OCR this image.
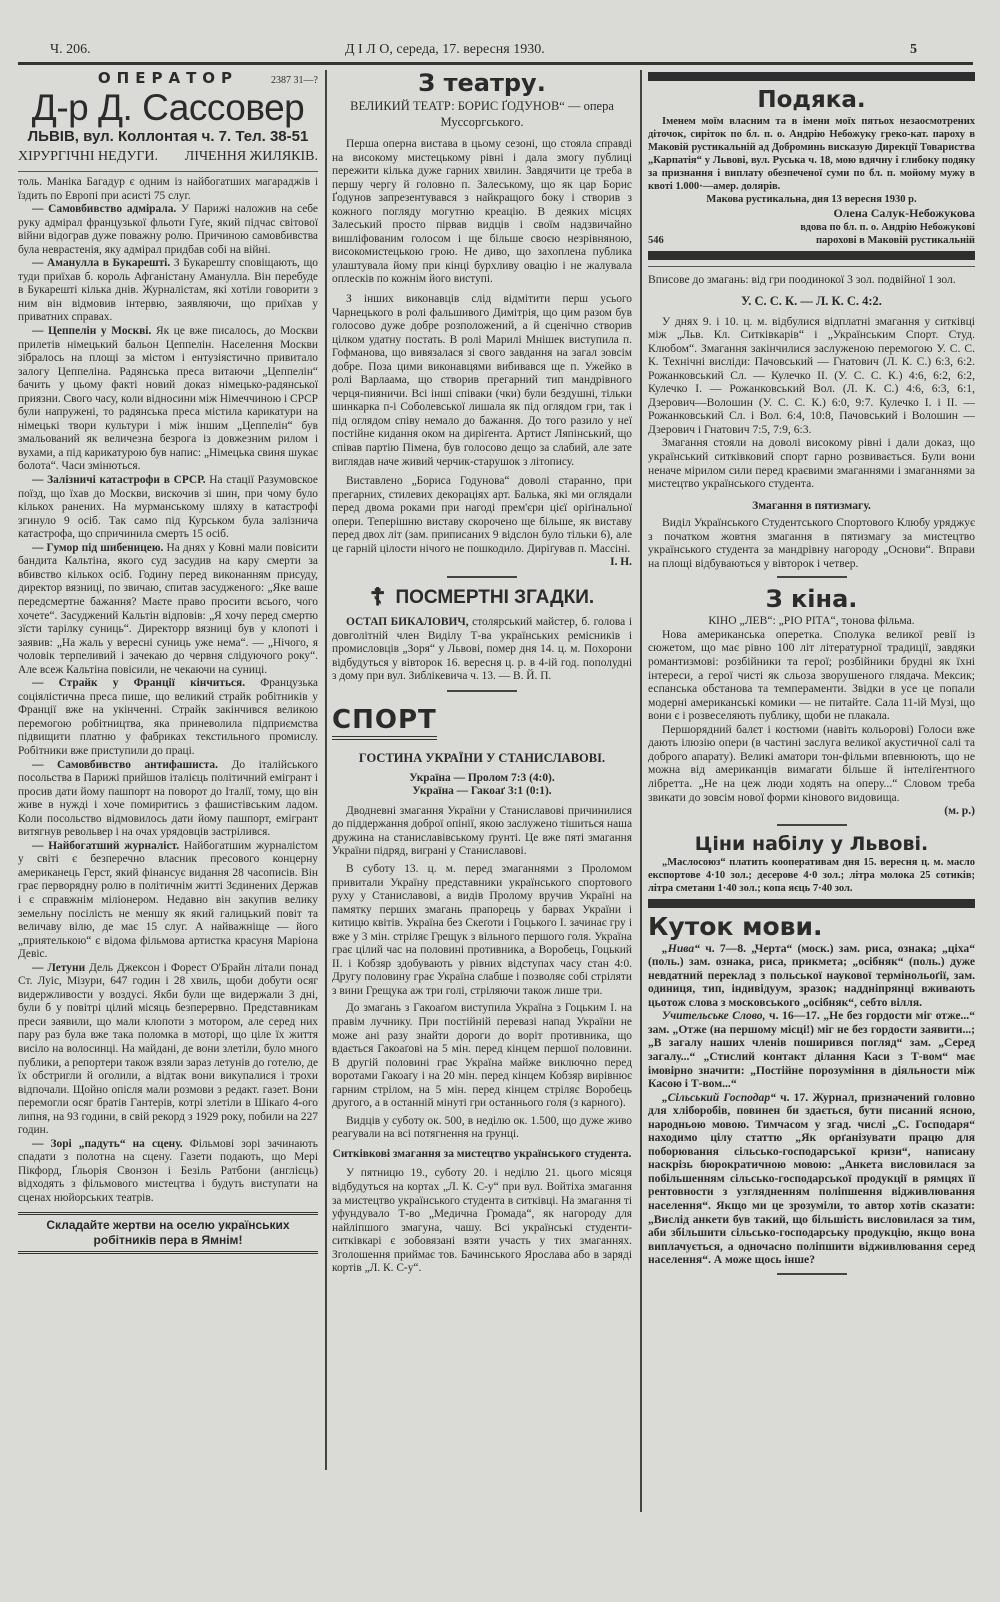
Ч. 206.	Д І Л О, середа, 17. вересня 1930.	5
ОПЕРАТОР	2387 31—?
Д-р Д. Сассовер
ЛЬВІВ, вул. Коллонтая ч. 7. Тел. 38-51
ХІРУРГІЧНІ НЕДУГИ. ЛІЧЕННЯ ЖИЛЯКІВ.

толь. Маніка Багадур є одним із найбогатших магараджів і їздить по Европі при асисті 75 слуг.

— Самовбивство адмірала. У Парижі наложив на себе руку адмірал французької фльоти Гуґе, який підчас світової війни відограв дуже поважну ролю. Причиною самовбивства була неврастенія, яку адмірал придбав собі на війні.

— Аманулла в Букарешті. З Букарешту сповіщають, що туди приїхав б. король Афганістану Аманулла. Він перебуде в Букарешті кілька днів. Журналістам, які хотіли говорити з ним він відмовив інтервю, заявляючи, що приїхав у приватних справах.

— Цеппелін у Москві. Як це вже писалось, до Москви прилетів німецький бальон Цеппелін. Населення Москви зібралось на площі за містом і ентузіястично привитало залогу Цеппеліна. Радянська преса витаючи „Цеппелін“ бачить у цьому факті новий доказ німецько-радянської приязни. Свого часу, коли відносини між Німеччиною і СРСР були напружені, то радянська преса містила карикатури на німецькі твори культури і між іншим „Цеппелін“ був змальований як величезна безрога із довжезним рилом і вухами, а під карикатурою був напис: „Німецька свиня шукає болота“. Часи змінються.

— Залізничі катастрофи в СРСР. На стації Разумовское поїзд, що їхав до Москви, вискочив зі шин, при чому було кількох ранених. На мурманському шляху в катастрофі згинуло 9 осіб. Так само під Курськом була залізнича катастрофа, що спричинила смерть 15 осіб.

— Гумор під шибеницею. На днях у Ковні мали повісити бандита Кальтіна, якого суд засудив на кару смерти за вбивство кількох осіб. Годину перед виконанням присуду, директор вязниці, по звичаю, спитав засудженого: „Яке ваше передсмертне бажання? Маєте право просити всього, чого хочете“. Засуджений Кальтін відповів: „Я хочу перед смертю зїсти тарілку суниць“. Директорр вязниці був у клопоті і заявив: „На жаль у вересні суниць уже нема“. — „Нічого, я чоловік терпеливий і зачекаю до червня слідуючого року“. Але всеж Кальтіна повісили, не чекаючи на суниці.

— Страйк у Франції кінчиться. Французька соціялістична преса пише, що великий страйк робітників у Франції вже на укінченні. Страйк закінчився великою перемогою робітництва, яка приневолила підприємства підвищити платню у фабриках текстильного промислу. Робітники вже приступили до праці.

— Самовбивство антифашиста. До італійського посольства в Парижі прийшов італієць політичний емігрант і просив дати йому пашпорт на поворот до Італії, тому, що він живе в нужді і хоче помиритись з фашистівським ладом. Коли посольство відмовилось дати йому пашпорт, емігрант витягнув револьвер і на очах урядовців застрілився.

— Найбогатший журналіст. Найбогатшим журналістом у світі є безперечно власник пресового концерну американець Герст, який фінансує видання 28 часописів. Він грає перворядну ролю в політичнім житті Зєдинених Держав і є справжнім міліонером. Недавно він закупив велику земельну посілість не меншу як який галицький повіт та величаву вілю, де має 15 слуг. А найважніще — його „приятелькою“ є відома фільмова артистка красуня Маріона Девіс.

— Летуни Дель Джексон і Форест О'Брайн літали понад Ст. Луіс, Мізури, 647 годин і 28 хвиль, щоби добути осяг видержливости у воздусі. Якби були ще видержали 3 дні, були б у повітрі цілий місяць безперервно. Представникам преси заявили, що мали клопоти з мотором, але серед них пару раз була вже така поломка в моторі, що ціле їх життя висіло на волосинці. На майдані, де вони злетіли, було много публики, а репортери також взяли зараз летунів до готелю, де їх обстригли й оголили, а відтак вони викупалися і трохи відпочали. Щойно опісля мали розмови з редакт. газет. Вони перемогли осяг братів Гантерів, котрі злетіли в Шікаґо 4-ого липня, на 93 години, в свій рекорд з 1929 року, побили на 227 годин.

— Зорі „падуть“ на сцену. Фільмові зорі зачинають спадати з полотна на сцену. Газети подають, що Мері Пікфорд, Ґльорія Свонзон і Безіль Ратбони (англієць) відходять з фільмового мистецтва і будуть виступати на сценах нюйорських театрів.

Складайте жертви на оселю українських робітників пера в Ямнім!
З театру.

ВЕЛИКИЙ ТЕАТР: БОРИС ҐОДУНОВ“ — опера Муссоргського.

Перша оперна вистава в цьому сезоні, що стояла справді на високому мистецькому рівні і дала змогу публиці пережити кілька дуже гарних хвилин. Завдячити це треба в першу чергу й головно п. Залеському, що як цар Борис Ґодунов запрезентувався з найкращого боку і створив з кожного погляду могутню креацію. В деяких місцях Залеський просто пірвав видців і своїм надзвичайно вишліфованим голосом і ще більше своєю незрівняною, високомистецькою грою. Не диво, що захоплена публика улаштувала йому при кінці бурхливу овацію і не жалувала оплесків по кожнім його виступі.

З інших виконавців слід відмітити перш усього Чарнецького в ролі фальшивого Димітрія, що цим разом був голосово дуже добре розположений, а й сценічно створив цілком удатну постать. В ролі Марилі Мнішек виступила п. Гофманова, що вивязалася зі свого завдання на загал зовсім добре. Поза цими виконавцями вибивався ще п. Ужейко в ролі Варлаама, що створив прегарний тип мандрівного черця-пияничи. Всі інші співаки (чки) були бездушні, тільки шинкарка п-і Соболевської лишала як під оглядом гри, так і під оглядом співу немало до бажання. До того разило у неї постійне кидання оком на диріґента. Артист Ляпінський, що співав партію Пімена, був голосово дещо за слабий, але зате виглядав наче живий черчик-старушок з літопису.

Виставлено „Бориса Годунова“ доволі старанно, при прегарних, стилевих декораціях арт. Балька, які ми оглядали перед двома роками при нагоді прем'єри цієї оріґінальної опери. Теперішню виставу скорочено ще більше, як виставу перед двох літ (зам. приписаних 9 відслон було тільки 6), але це гарній цілости нічого не пошкодило. Диріґував п. Массіні.

І. Н.
☦ ПОСМЕРТНІ ЗГАДКИ.

ОСТАП БИКАЛОВИЧ, столярський майстер, б. голова і довголітній член Виділу Т-ва українських ремісників і промисловців „Зоря“ у Львові, помер дня 14. ц. м. Похорони відбудуться у вівторок 16. вересня ц. р. в 4-ій год. пополудні з дому при вул. Зиблікевича ч. 13. — В. Й. П.

СПОРТ

ГОСТИНА УКРАЇНИ У СТАНИСЛАВОВІ.

Україна — Пролом 7:3 (4:0).

Україна — Гакоаґ 3:1 (0:1).

Дводневні змагання України у Станиславові причинилися до піддержання доброї опінії, якою заслужено тішиться наша дружина на станиславівському ґрунті. Це вже пяті змагання України підряд, виграні у Станиславові.

В суботу 13. ц. м. перед змаганнями з Проломом привитали Україну представники українського спортового руху у Станиславові, а видів Пролому вручив Україні на памятку перших змагань прапорець у барвах України і китицю квітів. Україна без Скеґоти і Гоцького І. зачинає гру і вже у 3 мін. стріляє Грещук з вільного першого голя. Україна грає цілий час на половині противника, а Воробець, Гоцький II. і Кобзяр здобувають у рівних відступах часу стан 4:0. Другу половину грає Україна слабше і позволяє собі стріляти з вини Грещука аж три голі, стріляючи також лише три.

До змагань з Гакоаґом виступила Україна з Гоцьким І. на правім лучнику. При постійній перевазі напад України не може ані разу знайти дороги до воріт противника, що вдається Гакоаґові на 5 мін. перед кінцем першої половини. В другій половині грає Україна майже виключно перед воротами Гакоаґу і на 20 мін. перед кінцем Кобзяр вирівнює гарним стрілом, на 5 мін. перед кінцем стріляє Воробець другого, а в останній мінуті гри останнього голя (з карного).

Видців у суботу ок. 500, в неділю ок. 1.500, що дуже живо реагували на всі потягнення на ґрунці.

Ситківкові змагання за мистецтво українського студента.

У пятницю 19., суботу 20. і неділю 21. цього місяця відбудуться на кортах „Л. К. С-у“ при вул. Войтіха змагання за мистецтво українського студента в ситківці. На змагання ті уфундувало Т-во „Медична Громада“, як нагороду для найліпшого змагуна, чашу. Всі українські студенти-ситківкарі є зобовязані взяти участь у тих змаганнях. Зголошення приймає тов. Бачинського Ярослава або в заряді кортів „Л. К. С-у“.

Подяка.

Іменем моїм власним та в імени моїх пятьох незаосмотрених діточок, сиріток по бл. п. о. Андрію Небожуку греко-кат. пароху в Маковій рустикальній ад Доброминь висказую Дирекції Товариства „Карпатія“ у Львові, вул. Руська ч. 18, мою вдячну і глибоку подяку за признання і виплату обезпеченої суми по бл. п. мойому мужу в квоті 1.000·—амер. долярів.

Макова рустикальна, дня 13 вересня 1930 р.

Олена Салук-Небожукова
вдова по бл. п. о. Андрію Небожукові
546	пароховi в Маковій рустикальній

Вписове до змагань: від гри поодинокої 3 зол. подвійної 1 зол.

У. С. С. К. — Л. К. С. 4:2.

У днях 9. і 10. ц. м. відбулися відплатні змагання у ситківці між „Льв. Кл. Ситківкарів“ і „Українським Спорт. Студ. Клюбом“. Змагання закінчилися заслуженою перемогою У. С. С. К. Технічні висліди: Пачовський — Гнатович (Л. К. С.) 6:3, 6:2. Рожанковський Сл. — Кулечко II. (У. С. С. К.) 4:6, 6:2, 6:2, Кулечко І. — Рожанковський Вол. (Л. К. С.) 4:6, 6:3, 6:1, Дзерович—Волошин (У. С. С. К.) 6:0, 9:7. Кулечко І. і II. — Рожанковський Сл. і Вол. 6:4, 10:8, Пачовський і Волошин — Дзерович і Гнатович 7:5, 7:9, 6:3.

Змагання стояли на доволі високому рівні і дали доказ, що український ситківковий спорт гарно розвивається. Були вони неначе мірилом сили перед краєвими змаганнями і змаганнями за мистецтво українського студента.

Змагання в пятизмагу.

Виділ Українського Студентського Спортового Клюбу уряджує з початком жовтня змагання в пятизмагу за мистецтво українського студента за мандрівну нагороду „Основи“. Вправи на площі відбуваються у вівторок і четвер.

З кіна.

КІНО „ЛЕВ“: „РІО РІТА“, тонова фільма.

Нова американська оперетка. Сполука великої ревії із сюжетом, що має рівно 100 літ літературної традиції, завдяки романтизмові: розбійники та герої; розбійники брудні як їхні інтереси, а герої чисті як сльоза зворушеного глядача. Мексик; еспанська обстанова та темпераменти. Звідки в усе це попали модерні американські комики — не питайте. Сала 11-ій Музі, що вони є і розвеселяють публику, щоби не плакала.

Першорядний балєт і костюми (навіть кольорові) Голоси вже дають ілюзію опери (в частині заслуга великої акустичної салі та доброго апарату). Великі аматори тон-фільми впевнюють, що не можна від американців вимагати більше й інтеліґентного лібретта. „Не на цеж люди ходять на оперу...“ Словом треба звикати до зовсім нової форми кінового видовища.

(м. р.)
Ціни набілу у Львові.

„Маслосоюз“ платить кооперативам дня 15. вересня ц. м. масло експортове 4·10 зол.; десерове 4·0 зол.; літра молока 25 сотиків; літра сметани 1·40 зол.; копа яєць 7·40 зол.

Куток мови.

„Нива“ ч. 7—8. „Черта“ (моск.) зам. риса, ознака; „ціха“ (поль.) зам. ознака, риса, прикмета; „осібняк“ (поль.) дуже невдатний переклад з польської наукової термінольоґії, зам. одиниця, тип, індивідуум, зразок; наддніпрянці вживають цьотож слова з московського „осібняк“, себто вілля.

Учительське Слово, ч. 16—17. „Не без гордости міг отже...“ зам. „Отже (на першому місці!) міг не без гордости заявити...; „В загалу наших членів поширився погляд“ зам. „Серед загалу...“ „Стислий контакт ділання Каси з Т-вом“ має імовірно значити: „Постійне порозуміння в діяльности між Касою і Т-вом...“

„Сільський Господар“ ч. 17. Журнал, призначений головно для хліборобів, повинен би здається, бути писаний ясною, народньою мовою. Тимчасом у згад. числі „С. Господаря“ находимо цілу статтю „Як орґанізувати працю для поборювання сільсько-господарської кризи“, написану наскрізь бюрократичною мовою: „Анкета висловилася за побільшенням сільсько-господарської продукції в рямцях її рентовности з узглядненням поліпшення відживлювання населення“. Якщо ми це зрозуміли, то автор хотів сказати: „Вислід анкети був такий, що більшість висловилася за тим, аби збільшити сільсько-господарську продукцію, якщо вона виплачується, а одночасно поліпшити відживлювання серед населення“. А може щось інше?
